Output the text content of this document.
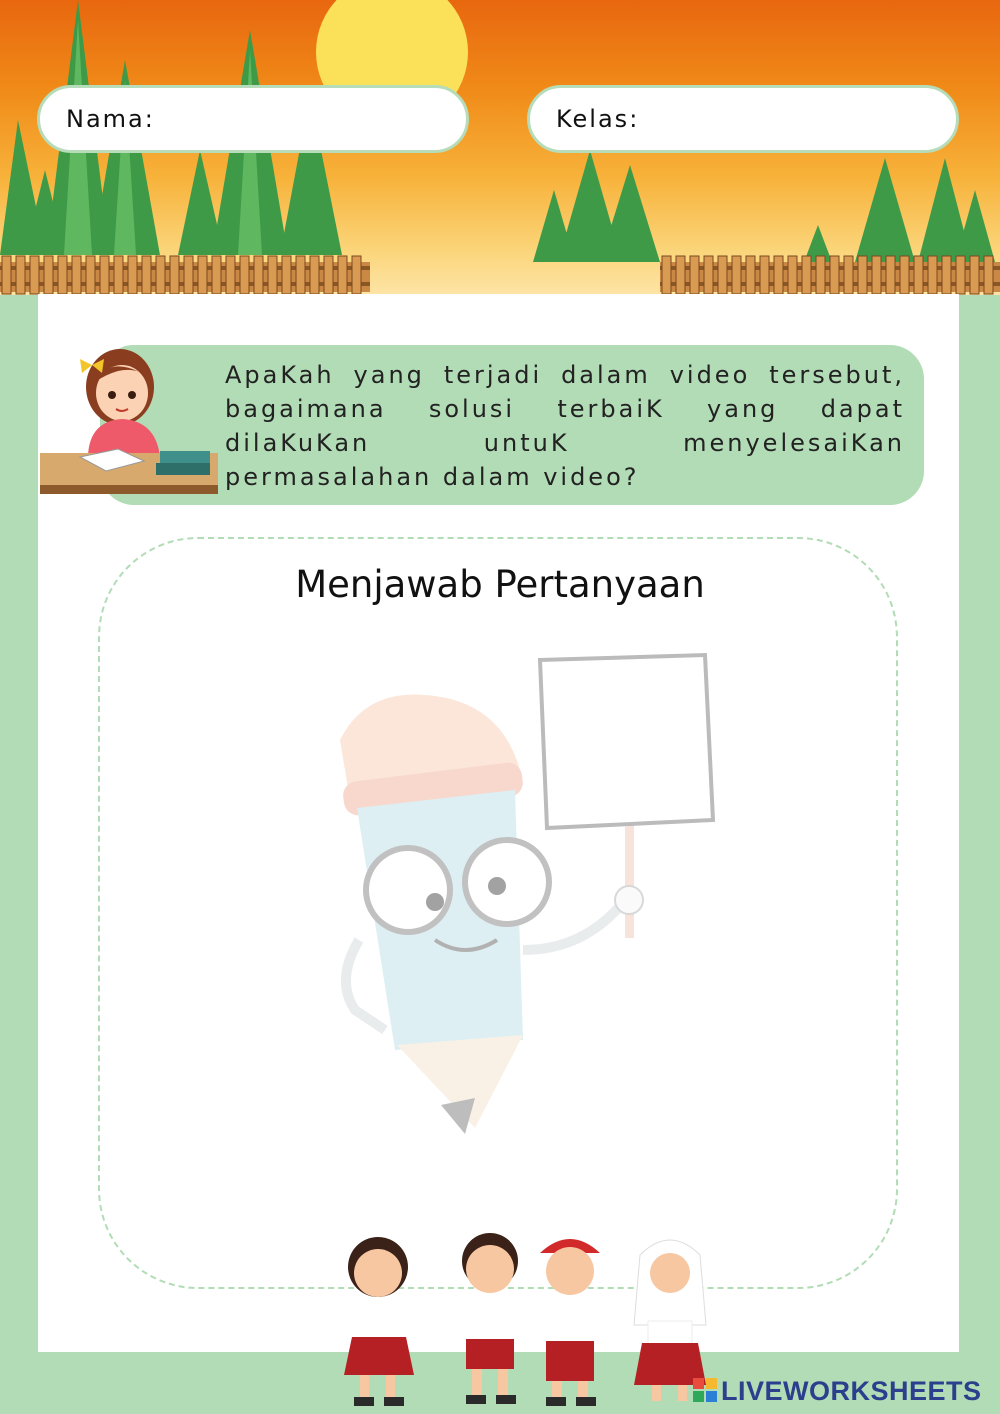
Nama:	Kelas:
ApaKah yang terjadi dalam video tersebut, bagaimana solusi terbaiK yang dapat dilaKuKan untuK menyelesaiKan permasalahan dalam video?
Menjawab Pertanyaan
LIVEWORKSHEETS
